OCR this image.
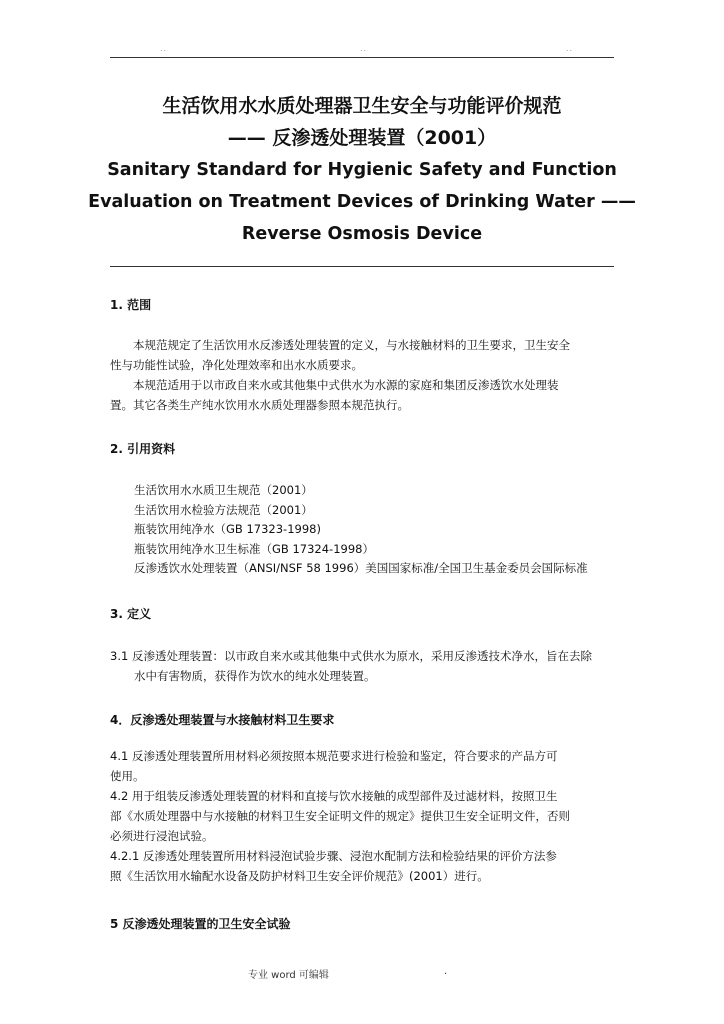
..	..	..
生活饮用水水质处理器卫生安全与功能评价规范
—— 反渗透处理装置（2001）
Sanitary Standard for Hygienic Safety and Function
Evaluation on Treatment Devices of Drinking Water ——
Reverse Osmosis Device
1. 范围
本规范规定了生活饮用水反渗透处理装置的定义，与水接触材料的卫生要求，卫生安全
性与功能性试验，净化处理效率和出水水质要求。
本规范适用于以市政自来水或其他集中式供水为水源的家庭和集团反渗透饮水处理装
置。其它各类生产纯水饮用水水质处理器参照本规范执行。
2. 引用资料
生活饮用水水质卫生规范（2001）
生活饮用水检验方法规范（2001）
瓶装饮用纯净水（GB 17323-1998)
瓶装饮用纯净水卫生标准（GB 17324-1998）
反渗透饮水处理装置（ANSI/NSF 58 1996）美国国家标准/全国卫生基金委员会国际标准
3. 定义
3.1 反渗透处理装置：以市政自来水或其他集中式供水为原水，采用反渗透技术净水，旨在去除
水中有害物质，获得作为饮水的纯水处理装置。
4．反渗透处理装置与水接触材料卫生要求
4.1 反渗透处理装置所用材料必须按照本规范要求进行检验和鉴定，符合要求的产品方可
使用。
4.2 用于组装反渗透处理装置的材料和直接与饮水接触的成型部件及过滤材料，按照卫生
部《水质处理器中与水接触的材料卫生安全证明文件的规定》提供卫生安全证明文件，否则
必须进行浸泡试验。
4.2.1 反渗透处理装置所用材料浸泡试验步骤、浸泡水配制方法和检验结果的评价方法参
照《生活饮用水输配水设备及防护材料卫生安全评价规范》(2001）进行。
5 反渗透处理装置的卫生安全试验
专业 word 可编辑	.
